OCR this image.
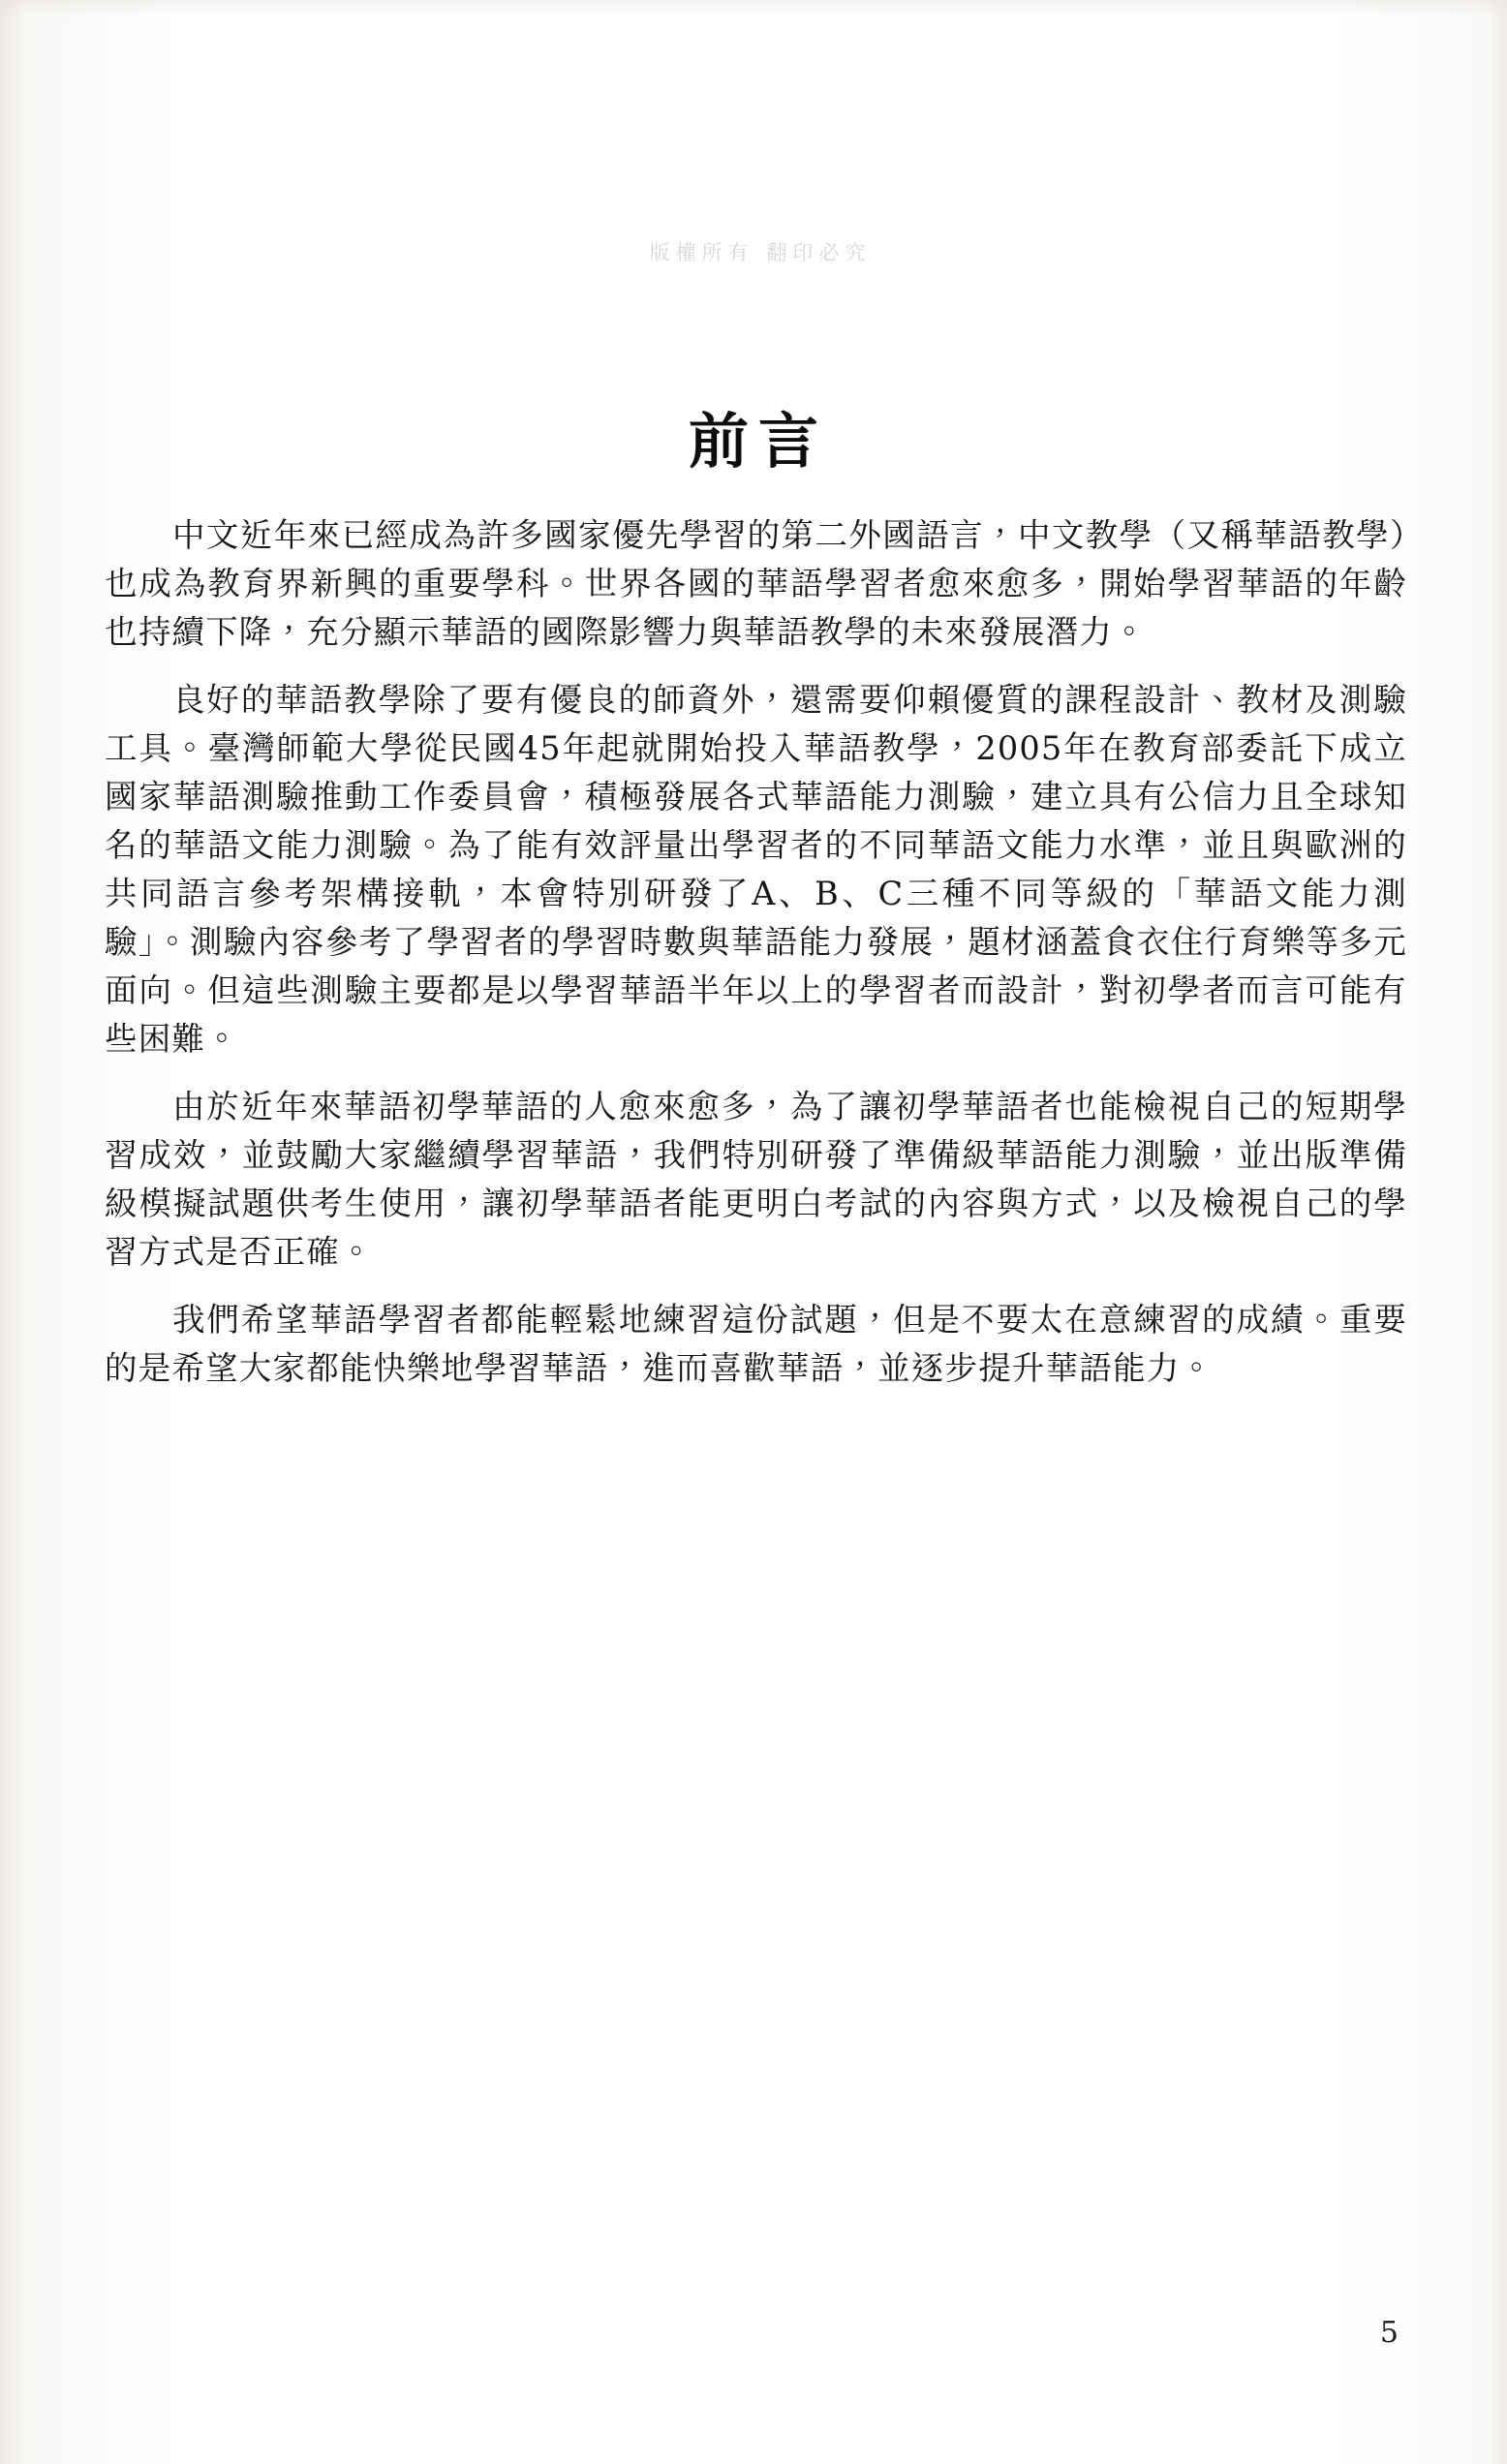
版權所有 翻印必究
前言

中文近年來已經成為許多國家優先學習的第二外國語言，中文教學（又稱華語教學）也成為教育界新興的重要學科。世界各國的華語學習者愈來愈多，開始學習華語的年齡也持續下降，充分顯示華語的國際影響力與華語教學的未來發展潛力。

良好的華語教學除了要有優良的師資外，還需要仰賴優質的課程設計、教材及測驗工具。臺灣師範大學從民國45年起就開始投入華語教學，2005年在教育部委託下成立國家華語測驗推動工作委員會，積極發展各式華語能力測驗，建立具有公信力且全球知名的華語文能力測驗。為了能有效評量出學習者的不同華語文能力水準，並且與歐洲的共同語言參考架構接軌，本會特別研發了A、B、C三種不同等級的「華語文能力測驗」。測驗內容參考了學習者的學習時數與華語能力發展，題材涵蓋食衣住行育樂等多元面向。但這些測驗主要都是以學習華語半年以上的學習者而設計，對初學者而言可能有些困難。

由於近年來華語初學華語的人愈來愈多，為了讓初學華語者也能檢視自己的短期學習成效，並鼓勵大家繼續學習華語，我們特別研發了準備級華語能力測驗，並出版準備級模擬試題供考生使用，讓初學華語者能更明白考試的內容與方式，以及檢視自己的學習方式是否正確。

我們希望華語學習者都能輕鬆地練習這份試題，但是不要太在意練習的成績。重要的是希望大家都能快樂地學習華語，進而喜歡華語，並逐步提升華語能力。

5
